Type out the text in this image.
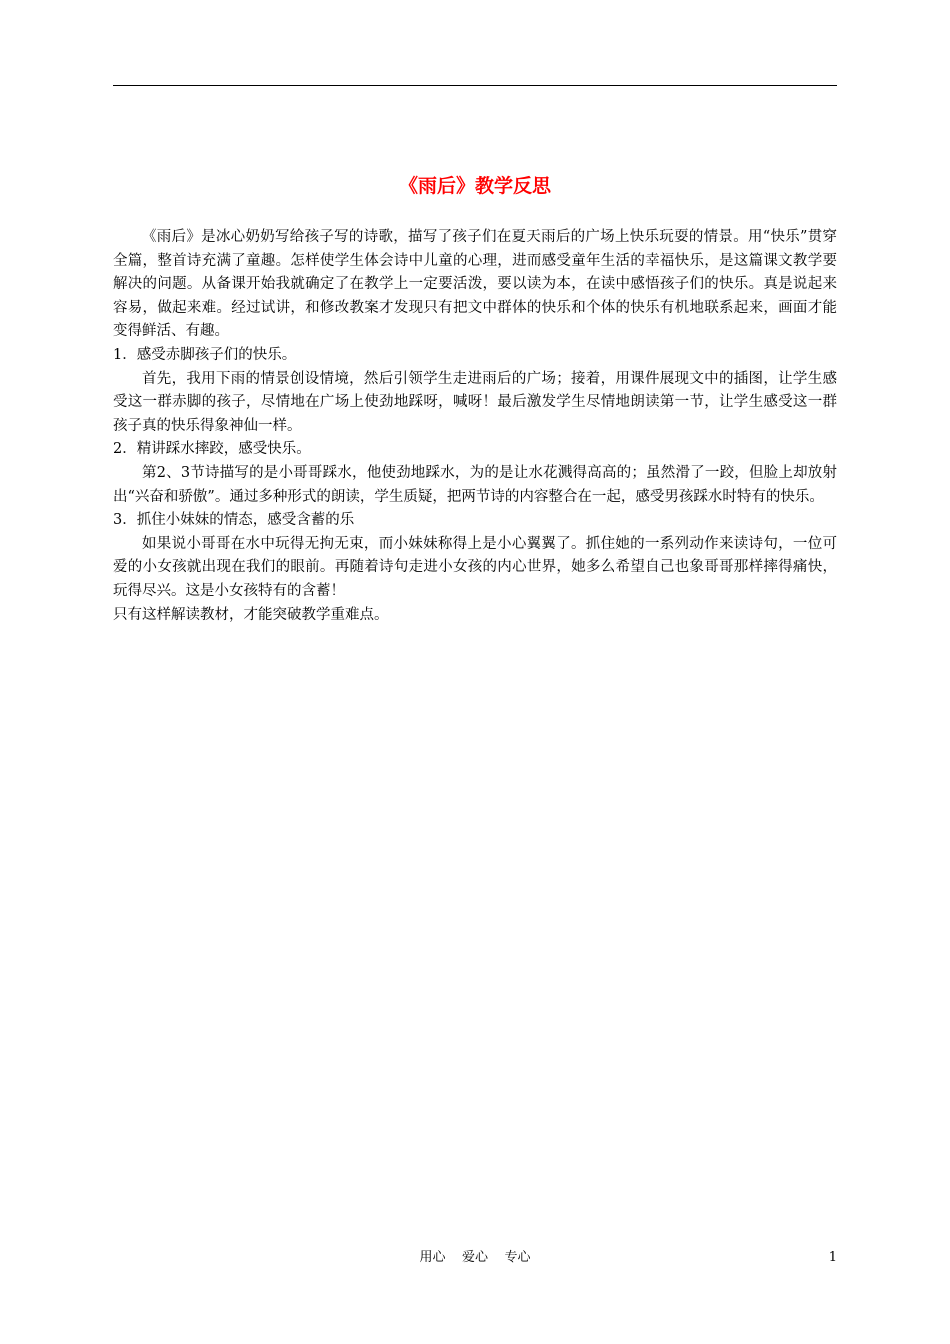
《雨后》教学反思

《雨后》是冰心奶奶写给孩子写的诗歌，描写了孩子们在夏天雨后的广场上快乐玩耍的情景。用“快乐”贯穿全篇，整首诗充满了童趣。怎样使学生体会诗中儿童的心理，进而感受童年生活的幸福快乐，是这篇课文教学要解决的问题。从备课开始我就确定了在教学上一定要活泼，要以读为本，在读中感悟孩子们的快乐。真是说起来容易，做起来难。经过试讲，和修改教案才发现只有把文中群体的快乐和个体的快乐有机地联系起来，画面才能变得鲜活、有趣。

1．感受赤脚孩子们的快乐。

首先，我用下雨的情景创设情境，然后引领学生走进雨后的广场；接着，用课件展现文中的插图，让学生感受这一群赤脚的孩子，尽情地在广场上使劲地踩呀，喊呀！最后激发学生尽情地朗读第一节，让学生感受这一群孩子真的快乐得象神仙一样。

2．精讲踩水摔跤，感受快乐。

第2、3节诗描写的是小哥哥踩水，他使劲地踩水，为的是让水花溅得高高的；虽然滑了一跤，但脸上却放射出“兴奋和骄傲”。通过多种形式的朗读，学生质疑，把两节诗的内容整合在一起，感受男孩踩水时特有的快乐。

3．抓住小妹妹的情态，感受含蓄的乐

如果说小哥哥在水中玩得无拘无束，而小妹妹称得上是小心翼翼了。抓住她的一系列动作来读诗句，一位可爱的小女孩就出现在我们的眼前。再随着诗句走进小女孩的内心世界，她多么希望自己也象哥哥那样摔得痛快，玩得尽兴。这是小女孩特有的含蓄！

只有这样解读教材，才能突破教学重难点。

用心    爱心    专心	1
